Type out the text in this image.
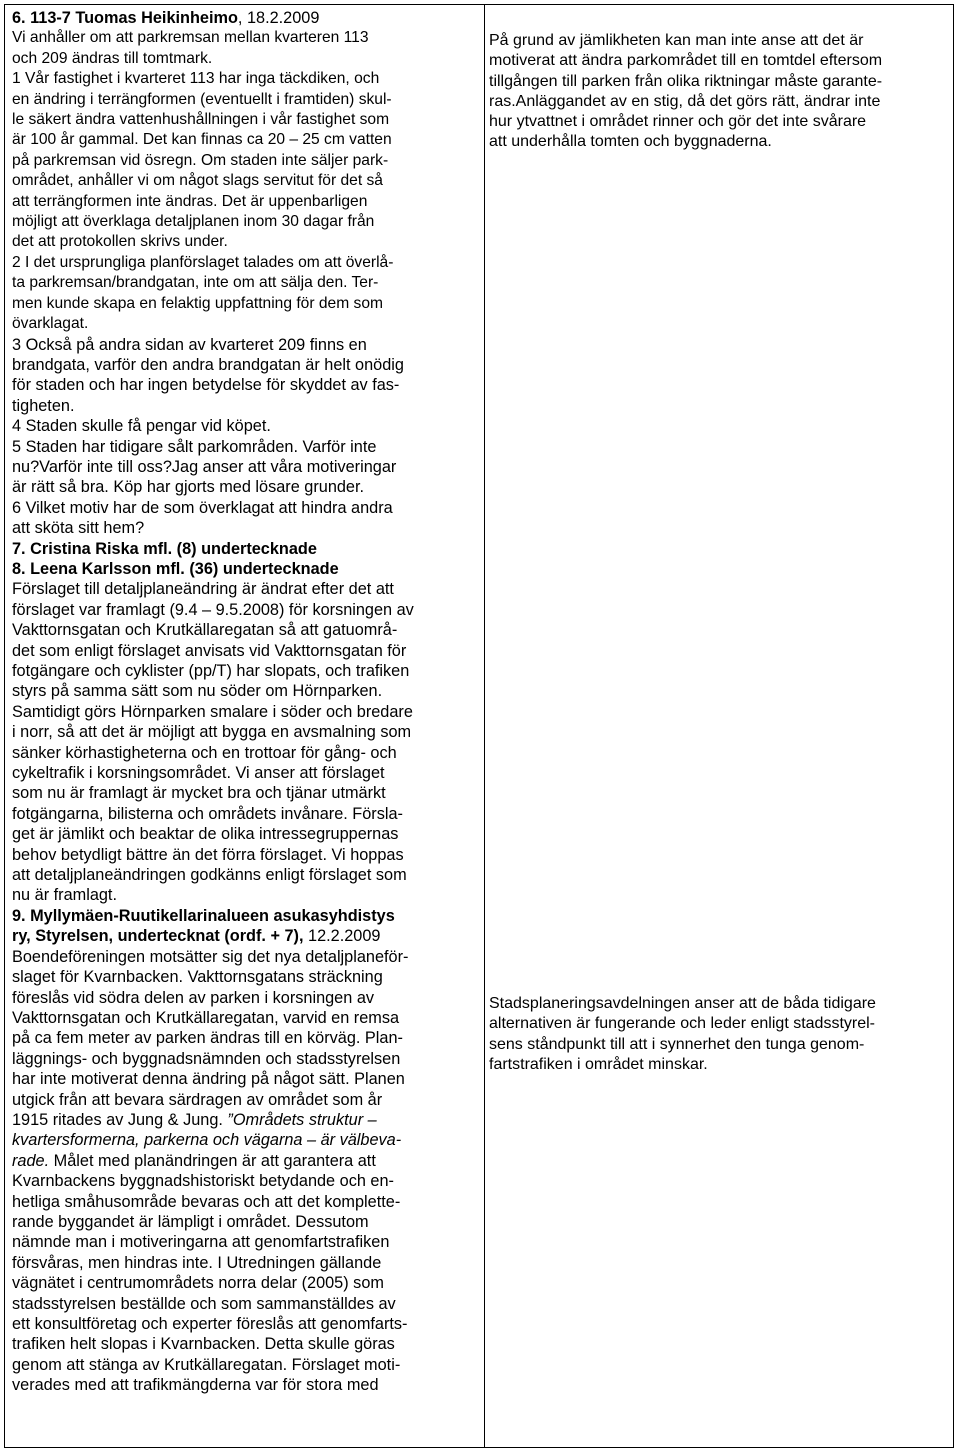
6. 113-7 Tuomas Heikinheimo, 18.2.2009

Vi anhåller om att parkremsan mellan kvarteren 113

och 209 ändras till tomtmark.

1 Vår fastighet i kvarteret 113 har inga täckdiken, och

en ändring i terrängformen (eventuellt i framtiden) skul-

le säkert ändra vattenhushållningen i vår fastighet som

är 100 år gammal. Det kan finnas ca 20 – 25 cm vatten

på parkremsan vid ösregn. Om staden inte säljer park-

området, anhåller vi om något slags servitut för det så

att terrängformen inte ändras. Det är uppenbarligen

möjligt att överklaga detaljplanen inom 30 dagar från

det att protokollen skrivs under.

2 I det ursprungliga planförslaget talades om att överlå-

ta parkremsan/brandgatan, inte om att sälja den. Ter-

men kunde skapa en felaktig uppfattning för dem som

övarklagat.

3 Också på andra sidan av kvarteret 209 finns en

brandgata, varför den andra brandgatan är helt onödig

för staden och har ingen betydelse för skyddet av fas-

tigheten.

4 Staden skulle få pengar vid köpet.

5 Staden har tidigare sålt parkområden. Varför inte

nu?Varför inte till oss?Jag anser att våra motiveringar

är rätt så bra. Köp har gjorts med lösare grunder.

6 Vilket motiv har de som överklagat att hindra andra

att sköta sitt hem?

7. Cristina Riska mfl. (8) undertecknade

8. Leena Karlsson mfl. (36) undertecknade

Förslaget till detaljplaneändring är ändrat efter det att

förslaget var framlagt (9.4 – 9.5.2008) för korsningen av

Vakttornsgatan och Krutkällaregatan så att gatuområ-

det som enligt förslaget anvisats vid Vakttornsgatan för

fotgängare och cyklister (pp/T) har slopats, och trafiken

styrs på samma sätt som nu söder om Hörnparken.

Samtidigt görs Hörnparken smalare i söder och bredare

i norr, så att det är möjligt att bygga en avsmalning som

sänker körhastigheterna och en trottoar för gång- och

cykeltrafik i korsningsområdet. Vi anser att förslaget

som nu är framlagt är mycket bra och tjänar utmärkt

fotgängarna, bilisterna och områdets invånare. Försla-

get är jämlikt och beaktar de olika intressegruppernas

behov betydligt bättre än det förra förslaget. Vi hoppas

att detaljplaneändringen godkänns enligt förslaget som

nu är framlagt.

9. Myllymäen-Ruutikellarinalueen asukasyhdistys

ry, Styrelsen, undertecknat (ordf. + 7), 12.2.2009

Boendeföreningen motsätter sig det nya detaljplaneför-

slaget för Kvarnbacken. Vakttornsgatans sträckning

föreslås vid södra delen av parken i korsningen av

Vakttornsgatan och Krutkällaregatan, varvid en remsa

på ca fem meter av parken ändras till en körväg. Plan-

läggnings- och byggnadsnämnden och stadsstyrelsen

har inte motiverat denna ändring på något sätt. Planen

utgick från att bevara särdragen av området som år

1915 ritades av Jung & Jung. ”Områdets struktur –

kvartersformerna, parkerna och vägarna – är välbeva-

rade. Målet med planändringen är att garantera att

Kvarnbackens byggnadshistoriskt betydande och en-

hetliga småhusområde bevaras och att det komplette-

rande byggandet är lämpligt i området. Dessutom

nämnde man i motiveringarna att genomfartstrafiken

försvåras, men hindras inte. I Utredningen gällande

vägnätet i centrumområdets norra delar (2005) som

stadsstyrelsen beställde och som sammanställdes av

ett konsultföretag och experter föreslås att genomfarts-

trafiken helt slopas i Kvarnbacken. Detta skulle göras

genom att stänga av Krutkällaregatan. Förslaget moti-

verades med att trafikmängderna var för stora med

På grund av jämlikheten kan man inte anse att det är

motiverat att ändra parkområdet till en tomtdel eftersom

tillgången till parken från olika riktningar måste garante-

ras.Anläggandet av en stig, då det görs rätt, ändrar inte

hur ytvattnet i området rinner och gör det inte svårare

att underhålla tomten och byggnaderna.

Stadsplaneringsavdelningen anser att de båda tidigare

alternativen är fungerande och leder enligt stadsstyrel-

sens ståndpunkt till att i synnerhet den tunga genom-

fartstrafiken i området minskar.
